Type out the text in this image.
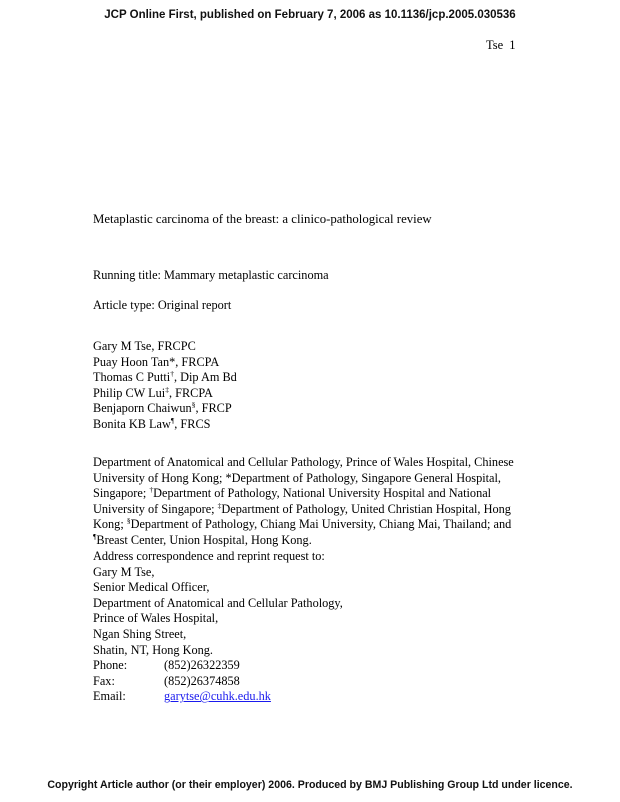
JCP Online First, published on February 7, 2006 as 10.1136/jcp.2005.030536
Tse 1
Metaplastic carcinoma of the breast: a clinico-pathological review
Running title: Mammary metaplastic carcinoma
Article type: Original report
Gary M Tse, FRCPC
Puay Hoon Tan*, FRCPA
Thomas C Putti†, Dip Am Bd
Philip CW Lui‡, FRCPA
Benjaporn Chaiwun§, FRCP
Bonita KB Law¶, FRCS
Department of Anatomical and Cellular Pathology, Prince of Wales Hospital, Chinese
University of Hong Kong; *Department of Pathology, Singapore General Hospital,
Singapore; †Department of Pathology, National University Hospital and National
University of Singapore; ‡Department of Pathology, United Christian Hospital, Hong
Kong; §Department of Pathology, Chiang Mai University, Chiang Mai, Thailand; and
¶Breast Center, Union Hospital, Hong Kong.
Address correspondence and reprint request to:
Gary M Tse,
Senior Medical Officer,
Department of Anatomical and Cellular Pathology,
Prince of Wales Hospital,
Ngan Shing Street,
Shatin, NT, Hong Kong.
Phone:	(852)26322359
Fax:	(852)26374858
Email:	garytse@cuhk.edu.hk
Copyright Article author (or their employer) 2006. Produced by BMJ Publishing Group Ltd under licence.
